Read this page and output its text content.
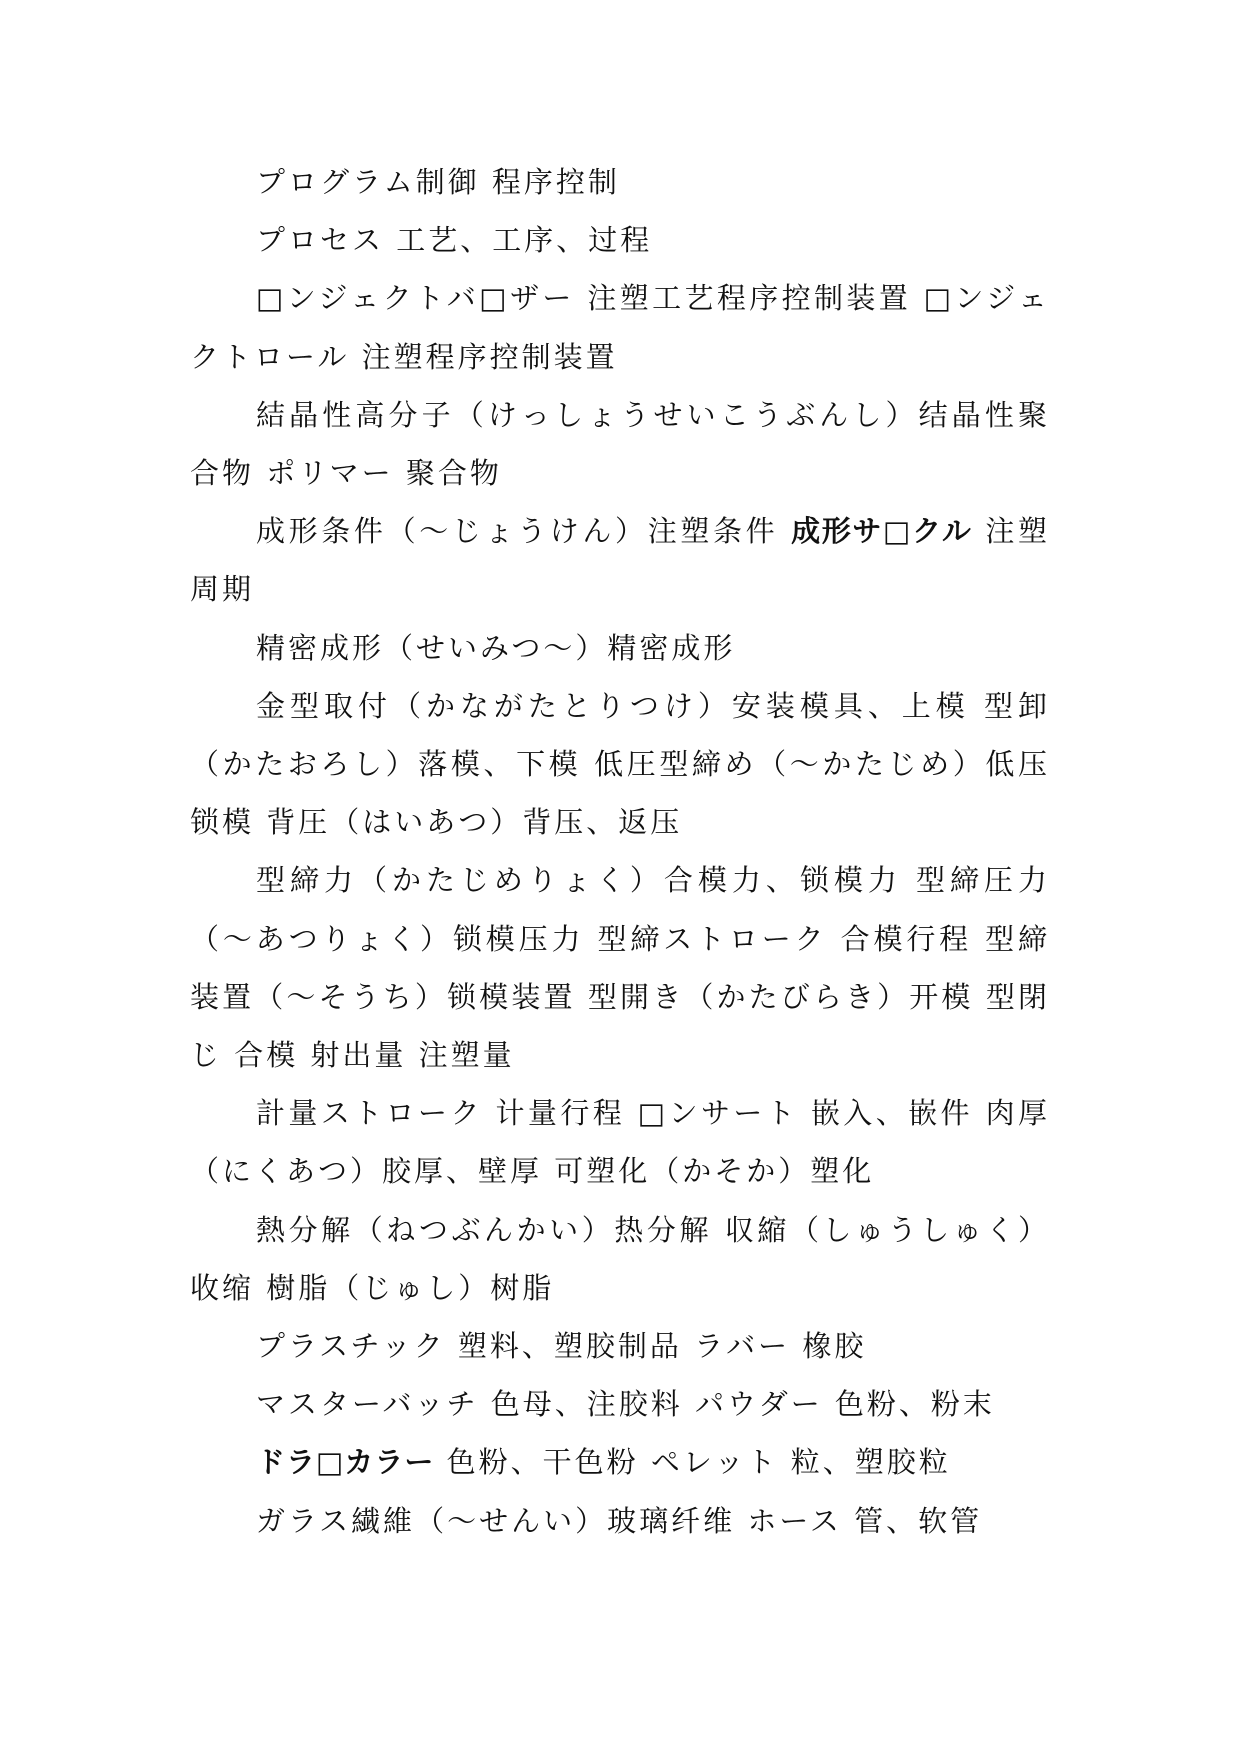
プログラム制御 程序控制

プロセス 工艺、工序、过程

□ンジェクトバ□ザー 注塑工艺程序控制装置 □ンジェクトロール 注塑程序控制装置

結晶性高分子（けっしょうせいこうぶんし）结晶性聚合物 ポリマー 聚合物

成形条件（～じょうけん）注塑条件 成形サ□クル 注塑周期

精密成形（せいみつ～）精密成形

金型取付（かながたとりつけ）安装模具、上模 型卸（かたおろし）落模、下模 低圧型締め（～かたじめ）低压锁模 背圧（はいあつ）背压、返压

型締力（かたじめりょく）合模力、锁模力 型締圧力（～あつりょく）锁模压力 型締ストローク 合模行程 型締装置（～そうち）锁模装置 型開き（かたびらき）开模 型閉じ 合模 射出量 注塑量

計量ストローク 计量行程 □ンサート 嵌入、嵌件 肉厚（にくあつ）胶厚、壁厚 可塑化（かそか）塑化

熱分解（ねつぶんかい）热分解 収縮（しゅうしゅく）收缩 樹脂（じゅし）树脂

プラスチック 塑料、塑胶制品 ラバー 橡胶

マスターバッチ 色母、注胶料 パウダー 色粉、粉末

ドラ□カラー 色粉、干色粉 ペレット 粒、塑胶粒

ガラス繊維（～せんい）玻璃纤维 ホース 管、软管
